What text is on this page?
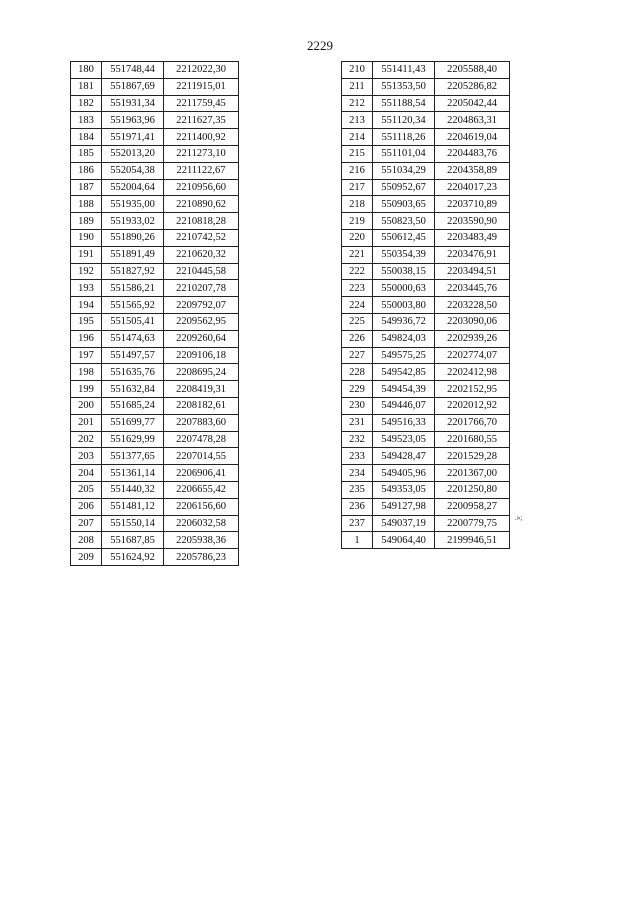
2229
180	551748,44	2212022,30
181	551867,69	2211915,01
182	551931,34	2211759,45
183	551963,96	2211627,35
184	551971,41	2211400,92
185	552013,20	2211273,10
186	552054,38	2211122,67
187	552004,64	2210956,60
188	551935,00	2210890,62
189	551933,02	2210818,28
190	551890,26	2210742,52
191	551891,49	2210620,32
192	551827,92	2210445,58
193	551586,21	2210207,78
194	551565,92	2209792,07
195	551505,41	2209562,95
196	551474,63	2209260,64
197	551497,57	2209106,18
198	551635,76	2208695,24
199	551632,84	2208419,31
200	551685,24	2208182,61
201	551699,77	2207883,60
202	551629,99	2207478,28
203	551377,65	2207014,55
204	551361,14	2206906,41
205	551440,32	2206655,42
206	551481,12	2206156,60
207	551550,14	2206032,58
208	551687,85	2205938,36
209	551624,92	2205786,23
210	551411,43	2205588,40
211	551353,50	2205286,82
212	551188,54	2205042,44
213	551120,34	2204863,31
214	551118,26	2204619,04
215	551101,04	2204483,76
216	551034,29	2204358,89
217	550952,67	2204017,23
218	550903,65	2203710,89
219	550823,50	2203590,90
220	550612,45	2203483,49
221	550354,39	2203476,91
222	550038,15	2203494,51
223	550000,63	2203445,76
224	550003,80	2203228,50
225	549936,72	2203090,06
226	549824,03	2202939,26
227	549575,25	2202774,07
228	549542,85	2202412,98
229	549454,39	2202152,95
230	549446,07	2202012,92
231	549516,33	2201766,70
232	549523,05	2201680,55
233	549428,47	2201529,28
234	549405,96	2201367,00
235	549353,05	2201250,80
236	549127,98	2200958,27
237	549037,19	2200779,75
1	549064,40	2199946,51
.»;
